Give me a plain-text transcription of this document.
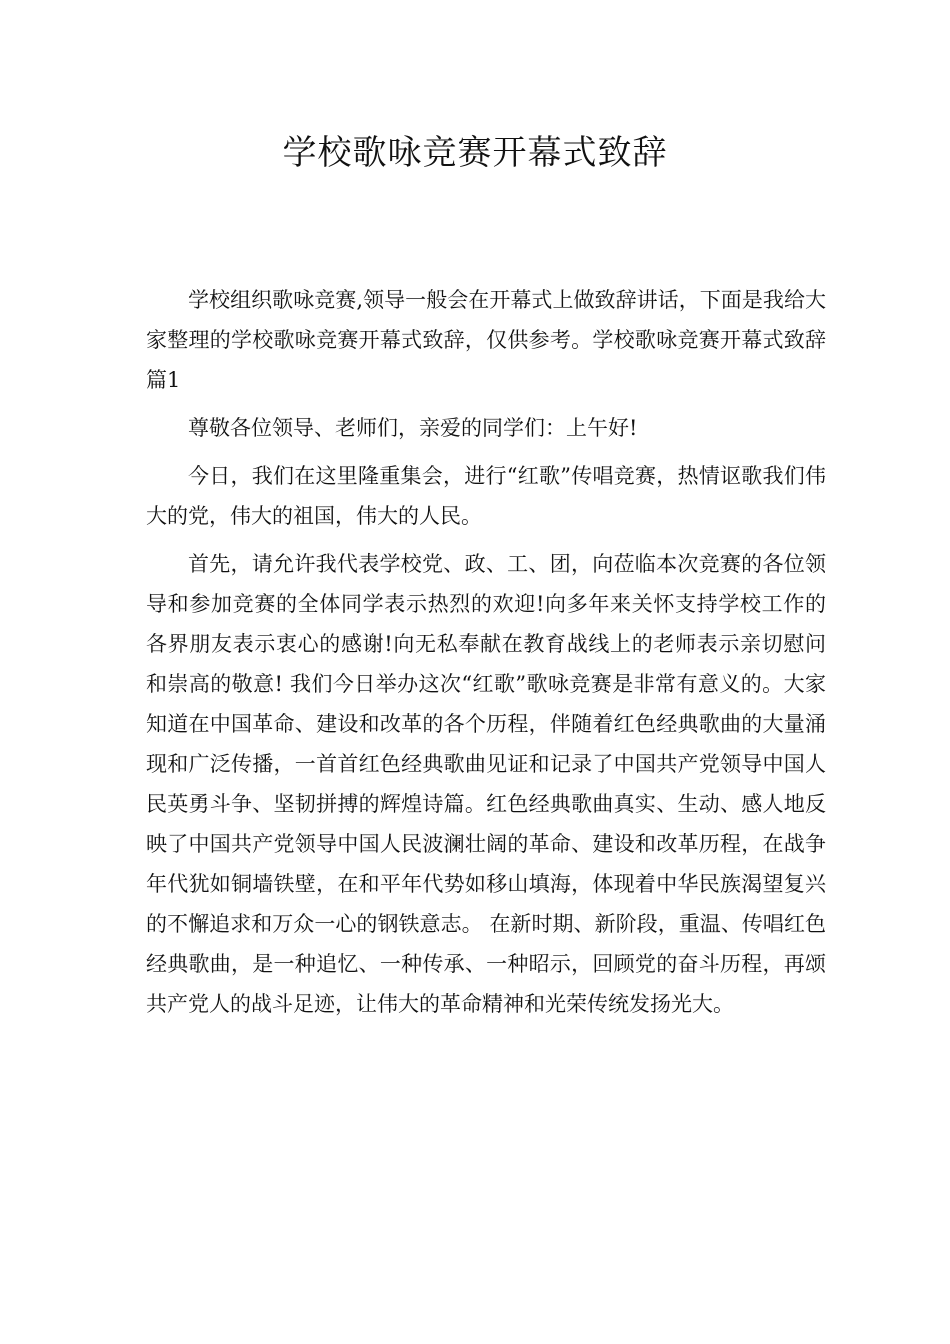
学校歌咏竞赛开幕式致辞

学校组织歌咏竞赛,领导一般会在开幕式上做致辞讲话，下面是我给大家整理的学校歌咏竞赛开幕式致辞，仅供参考。学校歌咏竞赛开幕式致辞篇1

尊敬各位领导、老师们，亲爱的同学们：上午好!

今日，我们在这里隆重集会，进行“红歌”传唱竞赛，热情讴歌我们伟大的党，伟大的祖国，伟大的人民。

首先，请允许我代表学校党、政、工、团，向莅临本次竞赛的各位领导和参加竞赛的全体同学表示热烈的欢迎!向多年来关怀支持学校工作的各界朋友表示衷心的感谢!向无私奉献在教育战线上的老师表示亲切慰问和崇高的敬意! 我们今日举办这次“红歌”歌咏竞赛是非常有意义的。大家知道在中国革命、建设和改革的各个历程，伴随着红色经典歌曲的大量涌现和广泛传播，一首首红色经典歌曲见证和记录了中国共产党领导中国人民英勇斗争、坚韧拼搏的辉煌诗篇。红色经典歌曲真实、生动、感人地反映了中国共产党领导中国人民波澜壮阔的革命、建设和改革历程，在战争年代犹如铜墙铁壁，在和平年代势如移山填海，体现着中华民族渴望复兴的不懈追求和万众一心的钢铁意志。 在新时期、新阶段，重温、传唱红色经典歌曲，是一种追忆、一种传承、一种昭示，回顾党的奋斗历程，再颂共产党人的战斗足迹，让伟大的革命精神和光荣传统发扬光大。
